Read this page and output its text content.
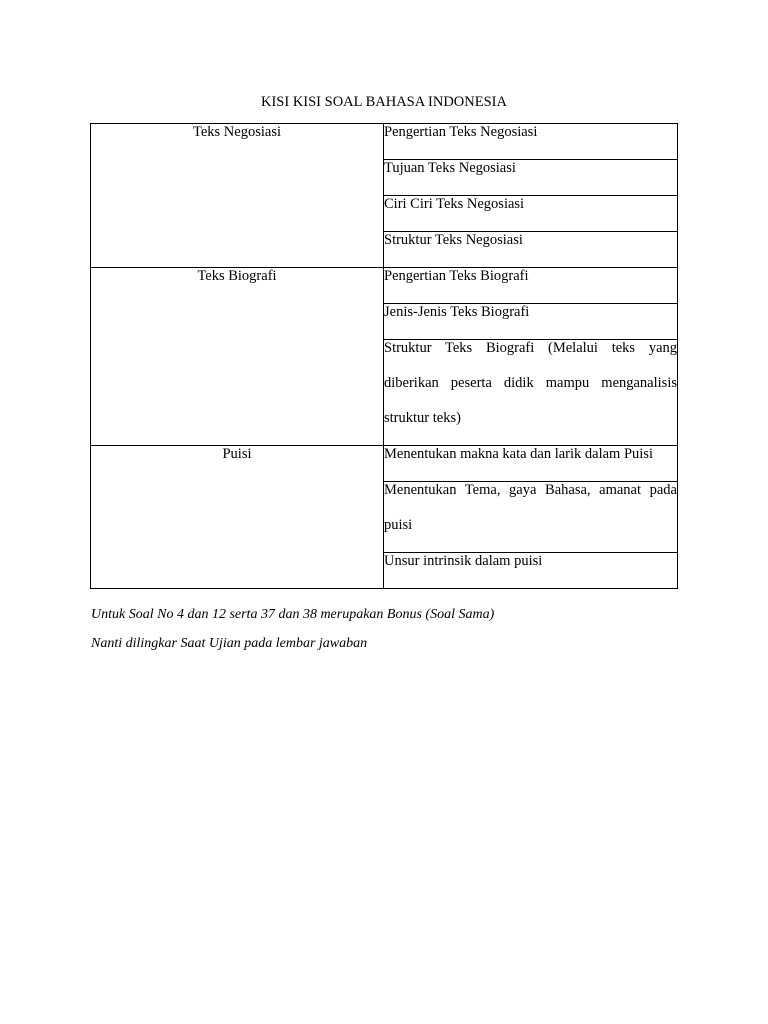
KISI KISI SOAL BAHASA INDONESIA
Teks Negosiasi	Pengertian Teks Negosiasi

	Tujuan Teks Negosiasi

	Ciri Ciri Teks Negosiasi

	Struktur Teks Negosiasi

Teks Biografi	Pengertian Teks Biografi

	Jenis-Jenis Teks Biografi

	Struktur Teks Biografi (Melalui teks yang diberikan peserta didik mampu menganalisis struktur teks)

Puisi	Menentukan makna kata dan larik dalam Puisi

	Menentukan Tema, gaya Bahasa, amanat pada puisi

	Unsur intrinsik dalam puisi

Untuk Soal No 4 dan 12 serta 37 dan 38 merupakan Bonus (Soal Sama)

Nanti dilingkar Saat Ujian pada lembar jawaban
